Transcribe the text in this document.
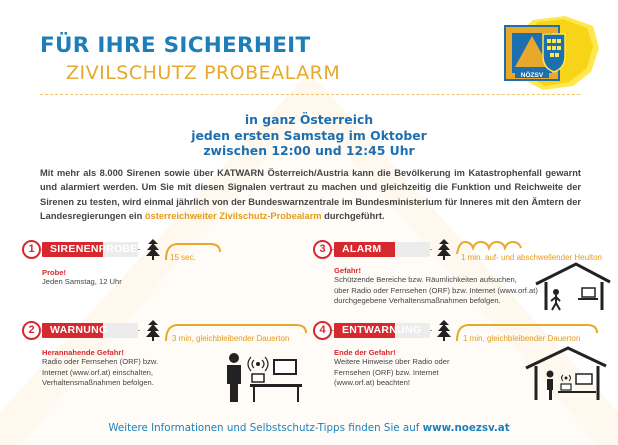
FÜR IHRE SICHERHEIT
ZIVILSCHUTZ PROBEALARM	NÖZSV
in ganz Österreich
jeden ersten Samstag im Oktober
zwischen 12:00 und 12:45 Uhr
Mit mehr als 8.000 Sirenen sowie über KATWARN Österreich/Austria kann die Bevölkerung im Katastrophenfall gewarnt und alarmiert werden. Um Sie mit diesen Signalen vertraut zu machen und gleichzeitig die Funktion und Reichweite der Sirenen zu testen, wird einmal jährlich von der Bundeswarnzentrale im Bundesministerium für Inneres mit den Ämtern der Landesregierungen ein österreichweiter Zivilschutz-Probealarm durchgeführt.
1	SIRENENPROBE
15 sec.
Probe!
Jeden Samstag, 12 Uhr
3	ALARM
1 min. auf- und abschwellender Heulton
Gefahr!
Schützende Bereiche bzw. Räumlichkeiten aufsuchen,
über Radio oder Fernsehen (ORF) bzw. Internet (www.orf.at)
durchgegebene Verhaltensmaßnahmen befolgen.
2	WARNUNG
3 min, gleichbleibender Dauerton
Herannahende Gefahr!
Radio oder Fernsehen (ORF) bzw.
Internet (www.orf.at) einschalten,
Verhaltensmaßnahmen befolgen.
4	ENTWARNUNG
1 min, gleichbleibender Dauerton
Ende der Gefahr!
Weitere Hinweise über Radio oder
Fernsehen (ORF) bzw. Internet
(www.orf.at) beachten!
Weitere Informationen und Selbstschutz-Tipps finden Sie auf www.noezsv.at
